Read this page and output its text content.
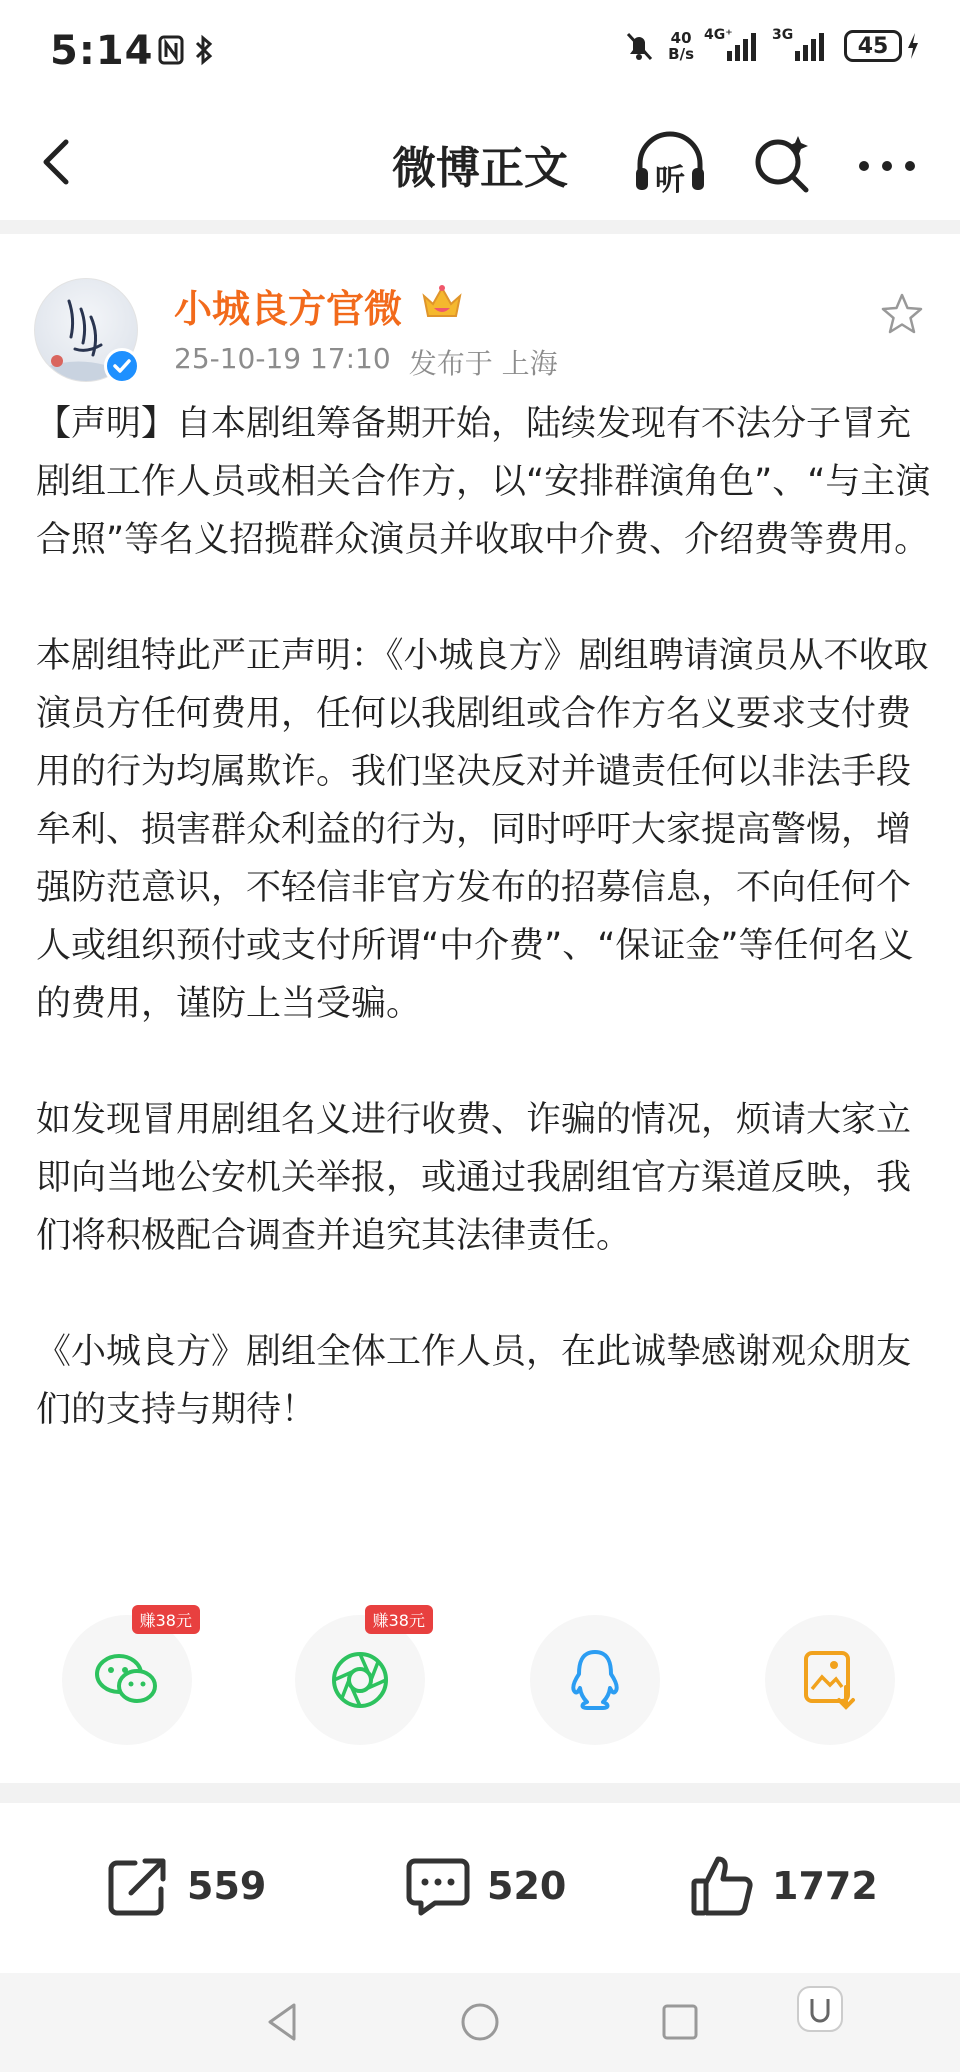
5:14	40
B/s
4G⁺	3G	45
微博正文	听
小城良方官微
25-10-19 17:10 发布于 上海

【声明】自本剧组筹备期开始，陆续发现有不法分子冒充剧组工作人员或相关合作方，以“安排群演角色”、“与主演合照”等名义招揽群众演员并收取中介费、介绍费等费用。

本剧组特此严正声明：《小城良方》剧组聘请演员从不收取演员方任何费用，任何以我剧组或合作方名义要求支付费用的行为均属欺诈。我们坚决反对并谴责任何以非法手段牟利、损害群众利益的行为，同时呼吁大家提高警惕，增强防范意识，不轻信非官方发布的招募信息，不向任何个人或组织预付或支付所谓“中介费”、“保证金”等任何名义的费用，谨防上当受骗。

如发现冒用剧组名义进行收费、诈骗的情况，烦请大家立即向当地公安机关举报，或通过我剧组官方渠道反映，我们将积极配合调查并追究其法律责任。

《小城良方》剧组全体工作人员，在此诚挚感谢观众朋友们的支持与期待！

赚38元	赚38元
559	520	1772
